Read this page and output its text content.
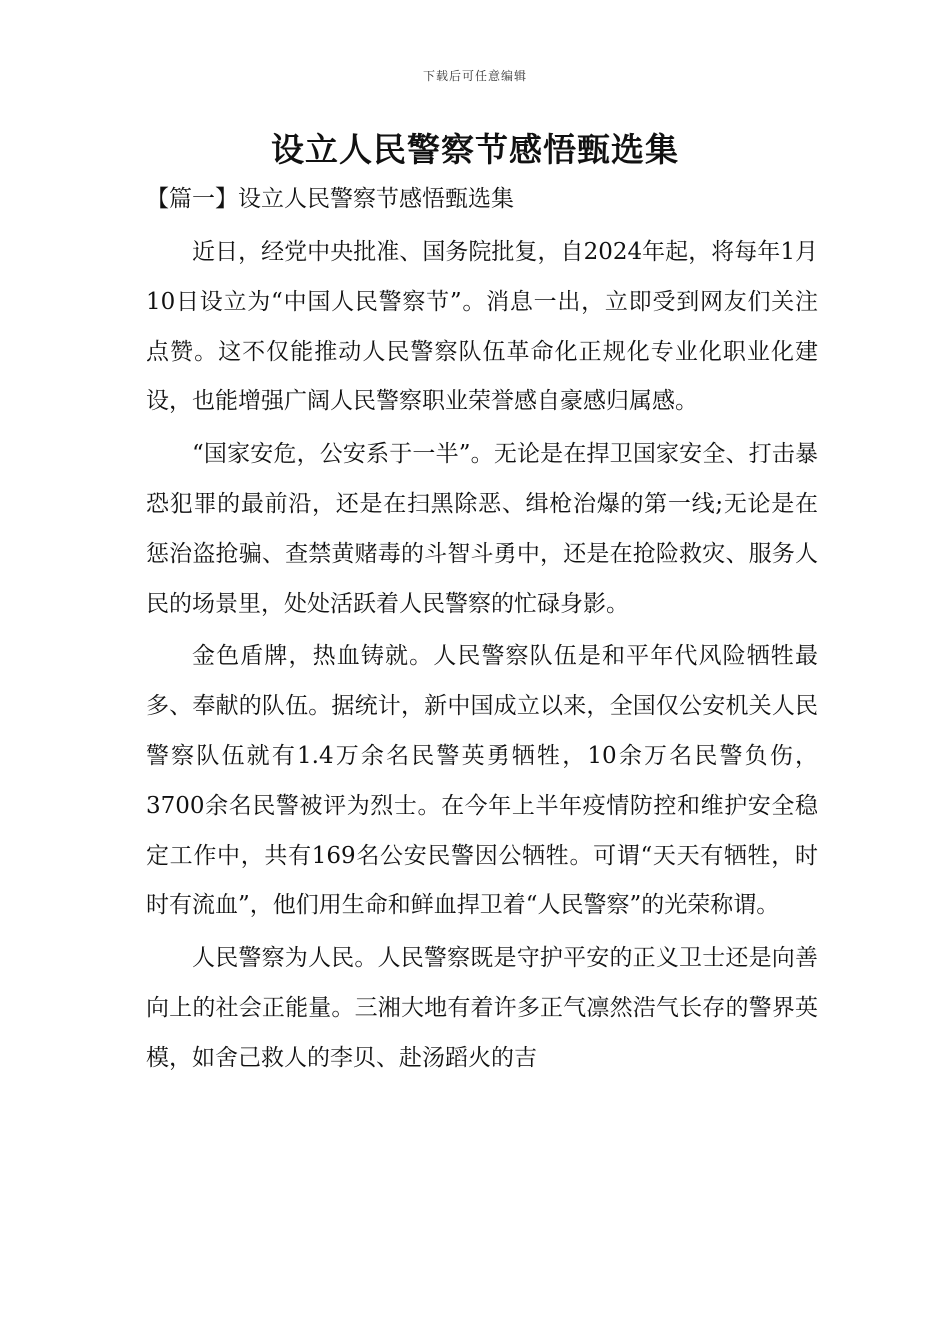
下载后可任意编辑
设立人民警察节感悟甄选集
【篇一】设立人民警察节感悟甄选集

近日，经党中央批准、国务院批复，自2024年起，将每年1月10日设立为“中国人民警察节”。消息一出，立即受到网友们关注点赞。这不仅能推动人民警察队伍革命化正规化专业化职业化建设，也能增强广阔人民警察职业荣誉感自豪感归属感。

“国家安危，公安系于一半”。无论是在捍卫国家安全、打击暴恐犯罪的最前沿，还是在扫黑除恶、缉枪治爆的第一线;无论是在惩治盗抢骗、查禁黄赌毒的斗智斗勇中，还是在抢险救灾、服务人民的场景里，处处活跃着人民警察的忙碌身影。

金色盾牌，热血铸就。人民警察队伍是和平年代风险牺牲最多、奉献的队伍。据统计，新中国成立以来，全国仅公安机关人民警察队伍就有1.4万余名民警英勇牺牲，10余万名民警负伤，3700余名民警被评为烈士。在今年上半年疫情防控和维护安全稳定工作中，共有169名公安民警因公牺牲。可谓“天天有牺牲，时时有流血”，他们用生命和鲜血捍卫着“人民警察”的光荣称谓。

人民警察为人民。人民警察既是守护平安的正义卫士还是向善向上的社会正能量。三湘大地有着许多正气凛然浩气长存的警界英模，如舍己救人的李贝、赴汤蹈火的吉
